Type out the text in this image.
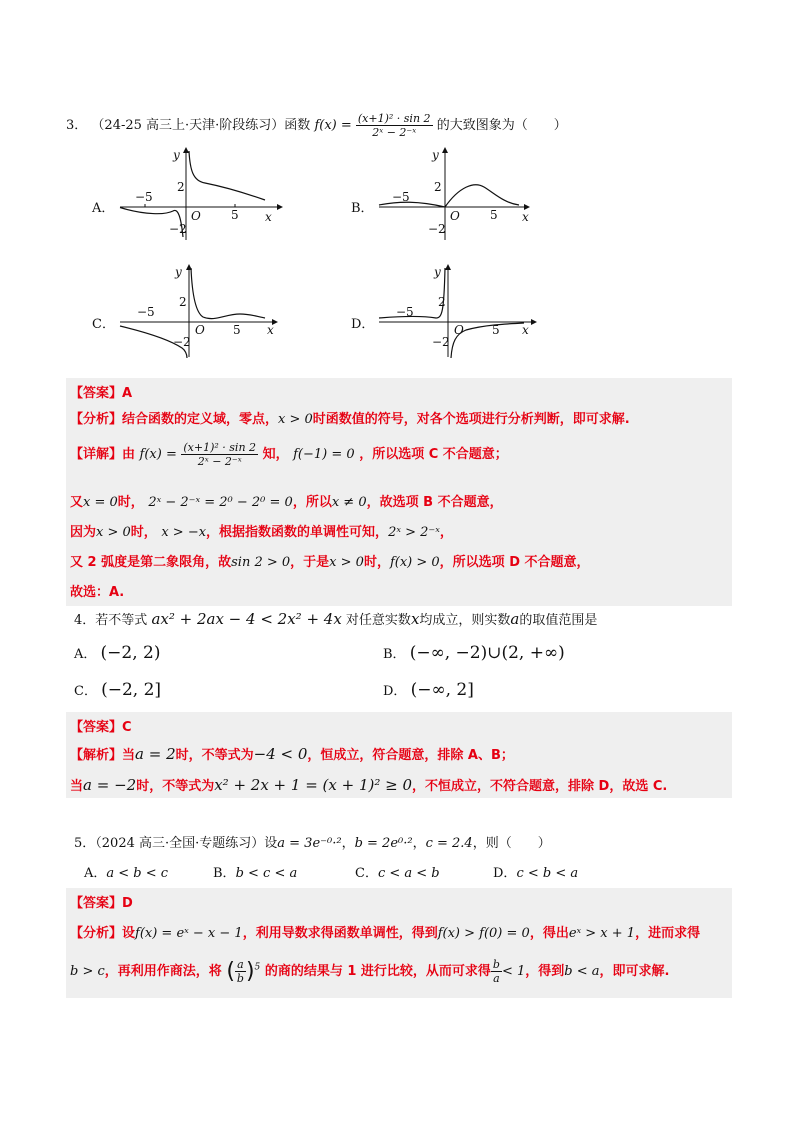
3． （24-25 高三上·天津·阶段练习）函数 $f(x) = \frac{\text{(x+1)² · sin 2}}{\text{2ˣ − 2⁻ˣ}}$ 的大致图象为（　　）
A．
y
x
2
−2
−5
5
O	B．
y
x
2
−2
−5
5
O
C．
y
x
2
−2
−5
5
O	D．
y
x
2
−2
−5
5
O
【答案】A
【分析】结合函数的定义域，零点，x > 0时函数值的符号，对各个选项进行分析判断，即可求解.
【详解】由 $f(x) = \frac{\text{(x+1)² · sin 2}}{\text{2ˣ − 2⁻ˣ}}$ 知， f(−1) = 0 ，所以选项 C 不合题意；
又x = 0时， 2ˣ − 2⁻ˣ = 2⁰ − 2⁰ = 0，所以x ≠ 0，故选项 B 不合题意，
因为x > 0时， x > −x，根据指数函数的单调性可知，2ˣ > 2⁻ˣ，
又 2 弧度是第二象限角，故sin 2 > 0，于是x > 0时，f(x) > 0，所以选项 D 不合题意，
故选：A.
4．若不等式 ax² + 2ax − 4 < 2x² + 4x 对任意实数x均成立，则实数a的取值范围是
A． (−2, 2)	B． (−∞, −2)∪(2, +∞)
C． (−2, 2]	D． (−∞, 2]
【答案】C
【解析】当a = 2时，不等式为−4 < 0，恒成立，符合题意，排除 A、B；
当a = −2时，不等式为x² + 2x + 1 = (x + 1)² ≥ 0，不恒成立，不符合题意，排除 D，故选 C.
5．（2024 高三·全国·专题练习）设a = 3e⁻⁰·²，b = 2e⁰·²，c = 2.4，则（　　）
A．a < b < c	B．b < c < a	C．c < a < b	D．c < b < a
【答案】D
【分析】设f(x) = eˣ − x − 1，利用导数求得函数单调性，得到f(x) > f(0) = 0，得出eˣ > x + 1，进而求得
b > c，再利用作商法，将 ( $\frac{a}{b} )^5$ 的商的结果与 1 进行比较，从而可求得 $\frac{b}{a} < 1$，得到b < a，即可求解.
